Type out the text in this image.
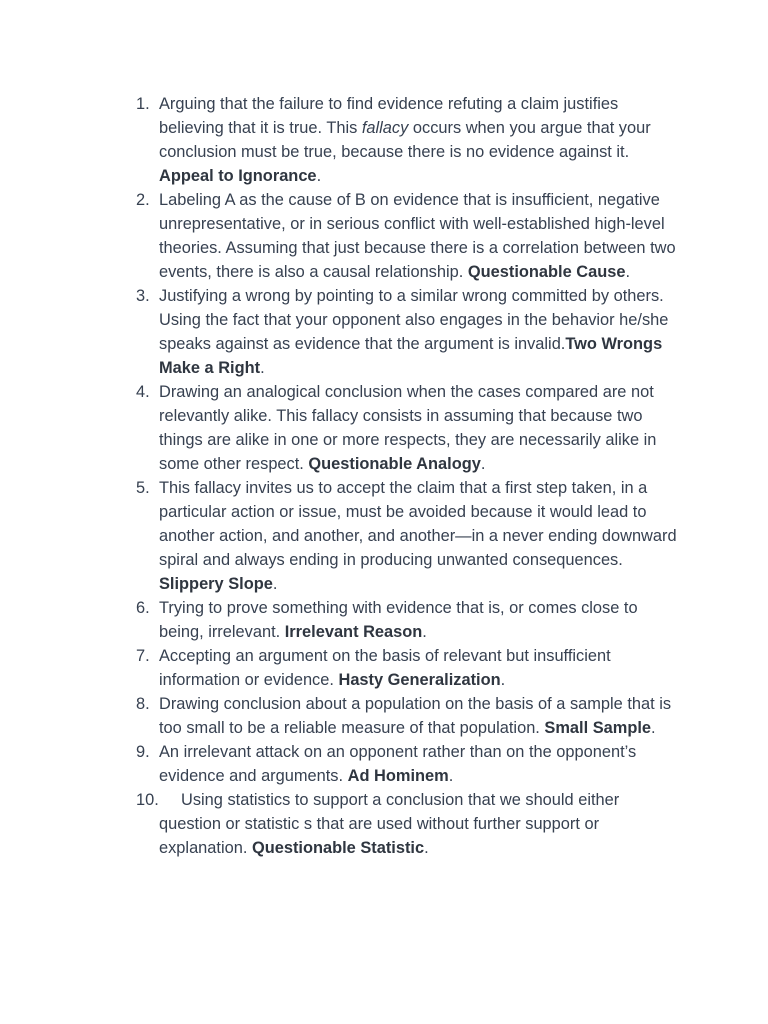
1. Arguing that the failure to find evidence refuting a claim justifies believing that it is true. This fallacy occurs when you argue that your conclusion must be true, because there is no evidence against it. Appeal to Ignorance.
2. Labeling A as the cause of B on evidence that is insufficient, negative unrepresentative, or in serious conflict with well-established high-level theories. Assuming that just because there is a correlation between two events, there is also a causal relationship. Questionable Cause.
3. Justifying a wrong by pointing to a similar wrong committed by others. Using the fact that your opponent also engages in the behavior he/she speaks against as evidence that the argument is invalid.Two Wrongs Make a Right.
4. Drawing an analogical conclusion when the cases compared are not relevantly alike. This fallacy consists in assuming that because two things are alike in one or more respects, they are necessarily alike in some other respect. Questionable Analogy.
5. This fallacy invites us to accept the claim that a first step taken, in a particular action or issue, must be avoided because it would lead to another action, and another, and another—in a never ending downward spiral and always ending in producing unwanted consequences. Slippery Slope.
6. Trying to prove something with evidence that is, or comes close to being, irrelevant. Irrelevant Reason.
7. Accepting an argument on the basis of relevant but insufficient information or evidence. Hasty Generalization.
8. Drawing conclusion about a population on the basis of a sample that is too small to be a reliable measure of that population. Small Sample.
9. An irrelevant attack on an opponent rather than on the opponent’s evidence and arguments. Ad Hominem.
10.	Using statistics to support a conclusion that we should either question or statistic s that are used without further support or explanation. Questionable Statistic.
